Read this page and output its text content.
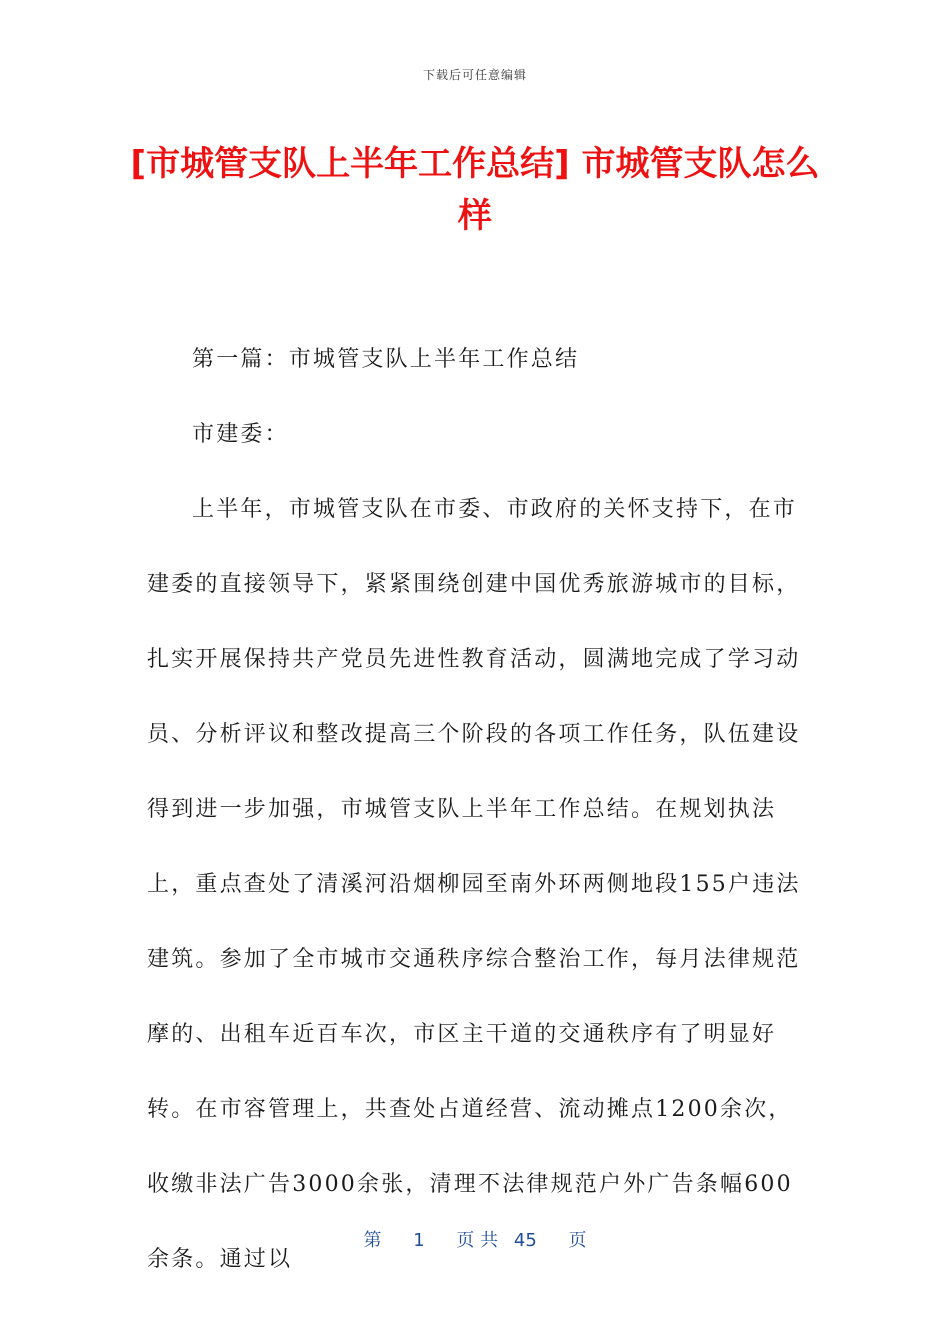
下载后可任意编辑
[市城管支队上半年工作总结] 市城管支队怎么样

第一篇：市城管支队上半年工作总结

市建委：

上半年，市城管支队在市委、市政府的关怀支持下，在市建委的直接领导下，紧紧围绕创建中国优秀旅游城市的目标，扎实开展保持共产党员先进性教育活动，圆满地完成了学习动员、分析评议和整改提高三个阶段的各项工作任务，队伍建设得到进一步加强，市城管支队上半年工作总结。在规划执法上，重点查处了清溪河沿烟柳园至南外环两侧地段155户违法建筑。参加了全市城市交通秩序综合整治工作，每月法律规范摩的、出租车近百车次，市区主干道的交通秩序有了明显好转。在市容管理上，共查处占道经营、流动摊点1200余次，收缴非法广告3000余张，清理不法律规范户外广告条幅600余条。通过以

第 1 页 共 45 页
